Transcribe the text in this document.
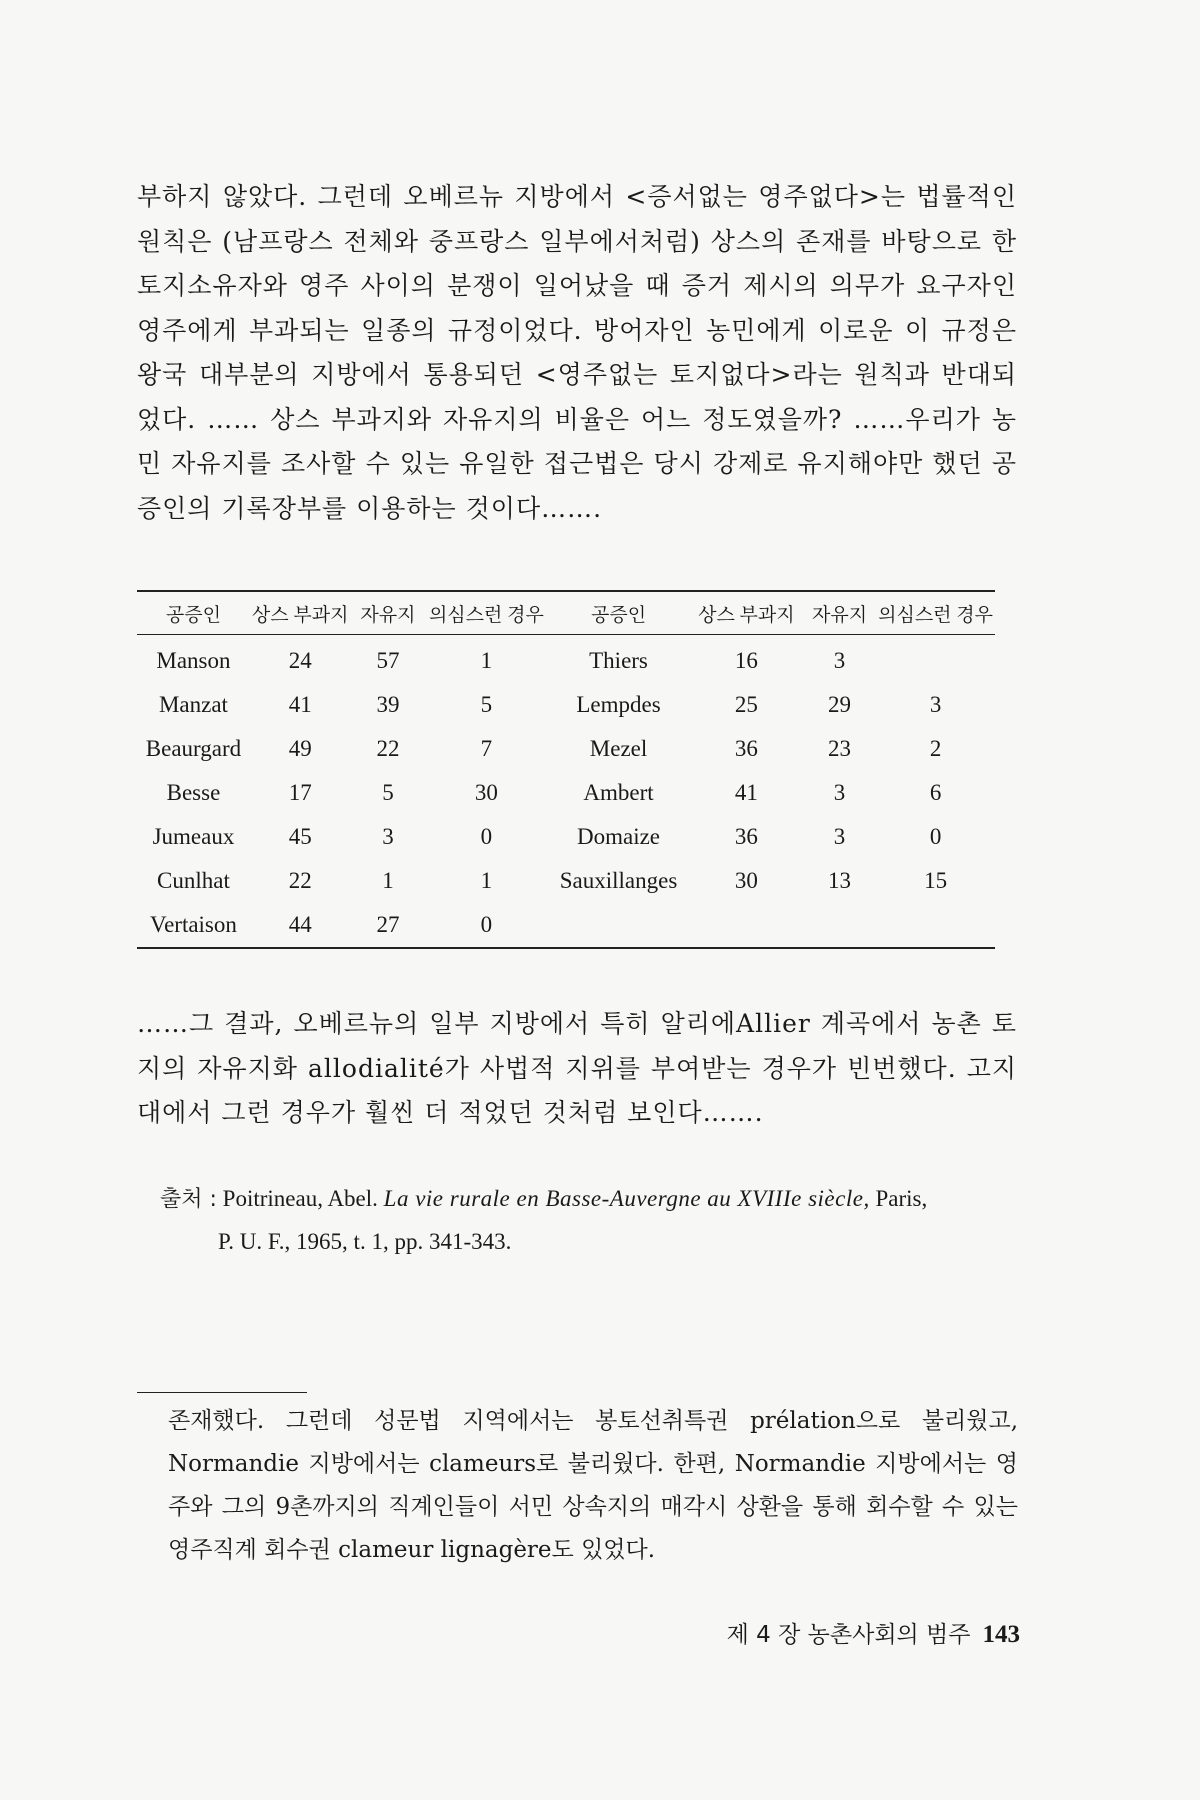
부하지 않았다. 그런데 오베르뉴 지방에서 <증서없는 영주없다>는 법률적인 원칙은 (남프랑스 전체와 중프랑스 일부에서처럼) 상스의 존재를 바탕으로 한 토지소유자와 영주 사이의 분쟁이 일어났을 때 증거 제시의 의무가 요구자인 영주에게 부과되는 일종의 규정이었다. 방어자인 농민에게 이로운 이 규정은 왕국 대부분의 지방에서 통용되던 <영주없는 토지없다>라는 원칙과 반대되었다. …… 상스 부과지와 자유지의 비율은 어느 정도였을까? ……우리가 농민 자유지를 조사할 수 있는 유일한 접근법은 당시 강제로 유지해야만 했던 공증인의 기록장부를 이용하는 것이다…….

공증인	상스 부과지	자유지	의심스런 경우	공증인	상스 부과지	자유지	의심스런 경우
Manson	24	57	1	Thiers	16	3	
Manzat	41	39	5	Lempdes	25	29	3
Beaurgard	49	22	7	Mezel	36	23	2
Besse	17	5	30	Ambert	41	3	6
Jumeaux	45	3	0	Domaize	36	3	0
Cunlhat	22	1	1	Sauxillanges	30	13	15
Vertaison	44	27	0				

……그 결과, 오베르뉴의 일부 지방에서 특히 알리에Allier 계곡에서 농촌 토지의 자유지화 allodialité가 사법적 지위를 부여받는 경우가 빈번했다. 고지대에서 그런 경우가 훨씬 더 적었던 것처럼 보인다…….

출처 : Poitrineau, Abel. La vie rurale en Basse-Auvergne au XVIIIe siècle, Paris,
P. U. F., 1965, t. 1, pp. 341-343.

존재했다. 그런데 성문법 지역에서는 봉토선취특권 prélation으로 불리웠고, Normandie 지방에서는 clameurs로 불리웠다. 한편, Normandie 지방에서는 영주와 그의 9촌까지의 직계인들이 서민 상속지의 매각시 상환을 통해 회수할 수 있는 영주직계 회수권 clameur lignagère도 있었다.

제 4 장 농촌사회의 범주 143
